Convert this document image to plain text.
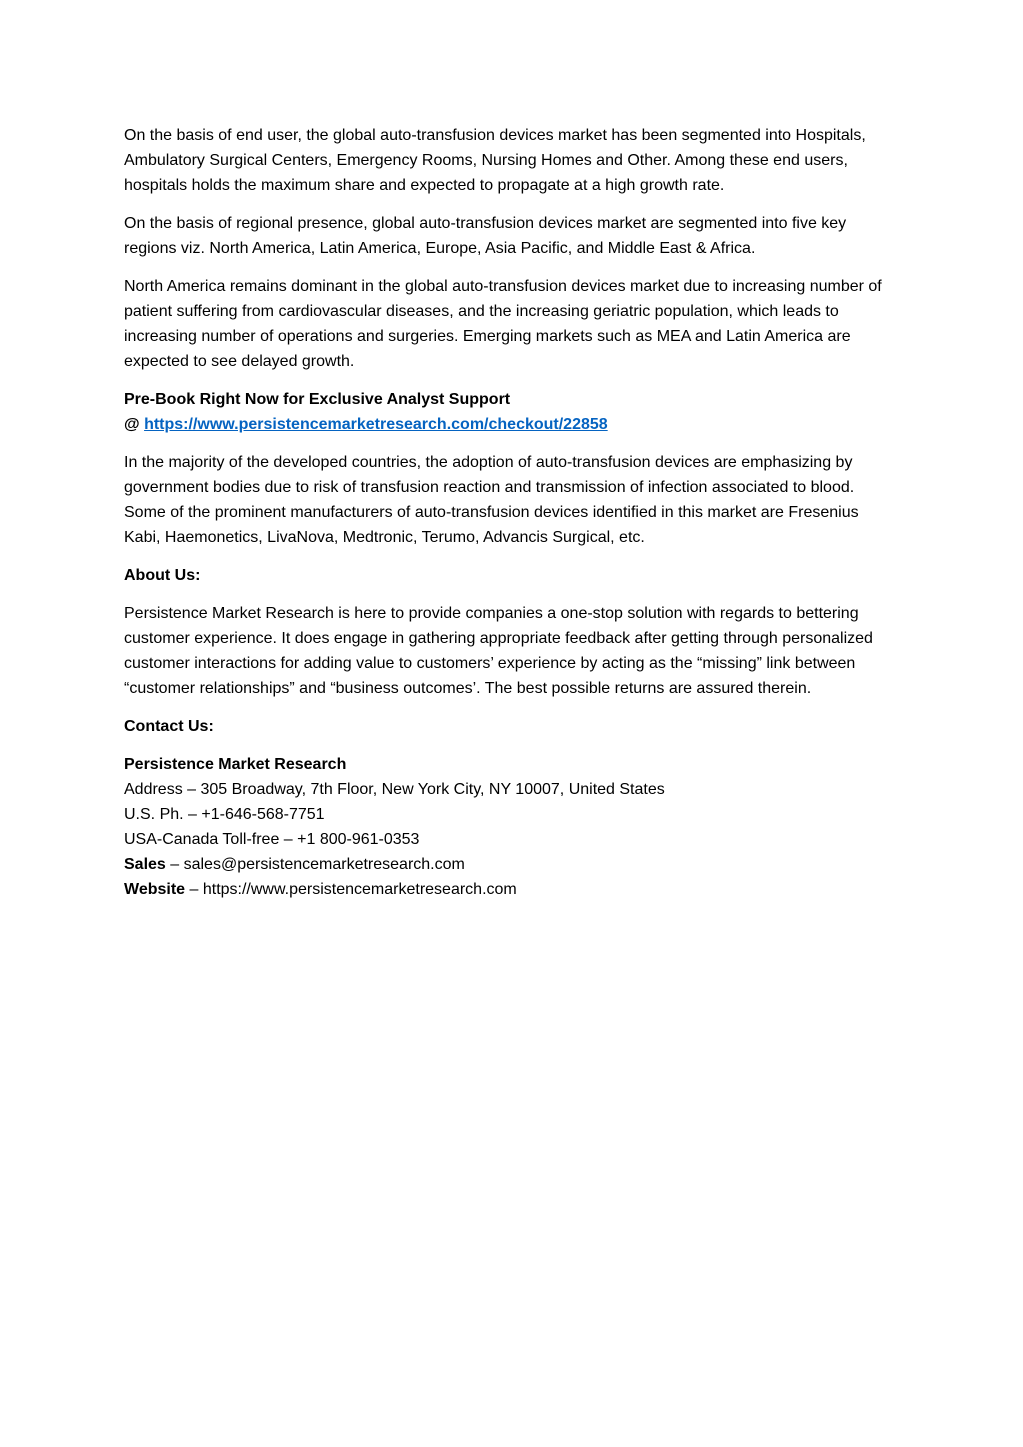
On the basis of end user, the global auto-transfusion devices market has been segmented into Hospitals, Ambulatory Surgical Centers, Emergency Rooms, Nursing Homes and Other. Among these end users, hospitals holds the maximum share and expected to propagate at a high growth rate.

On the basis of regional presence, global auto-transfusion devices market are segmented into five key regions viz. North America, Latin America, Europe, Asia Pacific, and Middle East & Africa.

North America remains dominant in the global auto-transfusion devices market due to increasing number of patient suffering from cardiovascular diseases, and the increasing geriatric population, which leads to increasing number of operations and surgeries. Emerging markets such as MEA and Latin America are expected to see delayed growth.

Pre-Book Right Now for Exclusive Analyst Support
@ https://www.persistencemarketresearch.com/checkout/22858

In the majority of the developed countries, the adoption of auto-transfusion devices are emphasizing by government bodies due to risk of transfusion reaction and transmission of infection associated to blood. Some of the prominent manufacturers of auto-transfusion devices identified in this market are Fresenius Kabi, Haemonetics, LivaNova, Medtronic, Terumo, Advancis Surgical, etc.

About Us:

Persistence Market Research is here to provide companies a one-stop solution with regards to bettering customer experience. It does engage in gathering appropriate feedback after getting through personalized customer interactions for adding value to customers’ experience by acting as the “missing” link between “customer relationships” and “business outcomes’. The best possible returns are assured therein.

Contact Us:

Persistence Market Research
Address – 305 Broadway, 7th Floor, New York City, NY 10007, United States
U.S. Ph. – +1-646-568-7751
USA-Canada Toll-free – +1 800-961-0353
Sales – sales@persistencemarketresearch.com
Website – https://www.persistencemarketresearch.com
